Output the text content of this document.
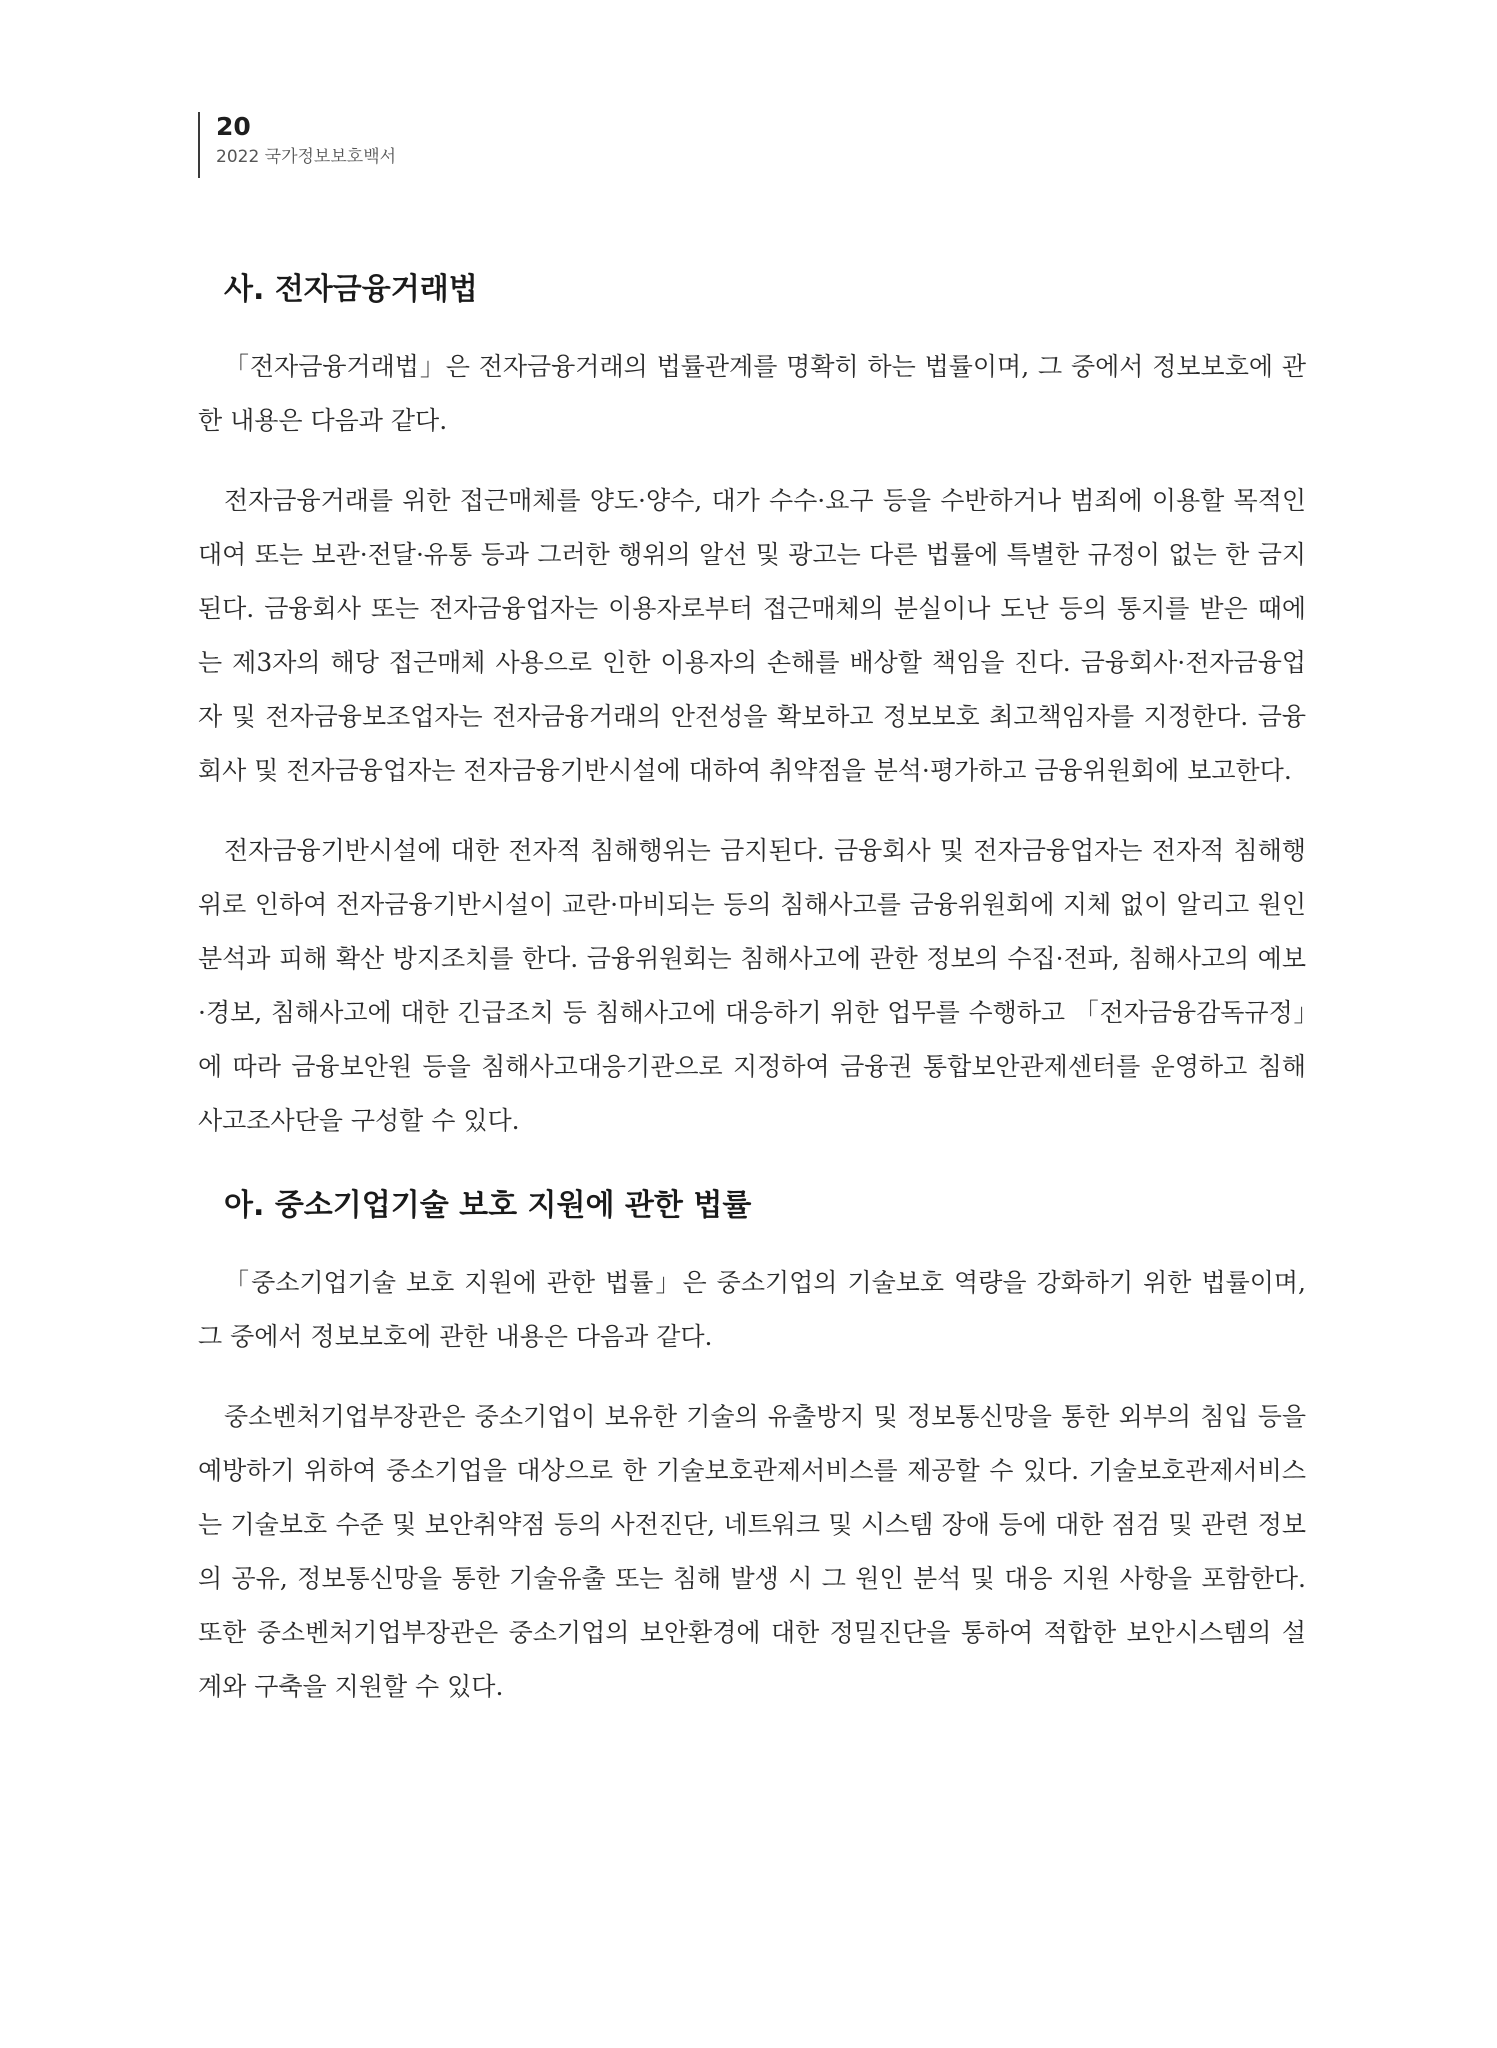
20
2022 국가정보보호백서
사. 전자금융거래법

「전자금융거래법」은 전자금융거래의 법률관계를 명확히 하는 법률이며, 그 중에서 정보보호에 관한 내용은 다음과 같다.

전자금융거래를 위한 접근매체를 양도·양수, 대가 수수·요구 등을 수반하거나 범죄에 이용할 목적인 대여 또는 보관·전달·유통 등과 그러한 행위의 알선 및 광고는 다른 법률에 특별한 규정이 없는 한 금지된다. 금융회사 또는 전자금융업자는 이용자로부터 접근매체의 분실이나 도난 등의 통지를 받은 때에는 제3자의 해당 접근매체 사용으로 인한 이용자의 손해를 배상할 책임을 진다. 금융회사·전자금융업자 및 전자금융보조업자는 전자금융거래의 안전성을 확보하고 정보보호 최고책임자를 지정한다. 금융회사 및 전자금융업자는 전자금융기반시설에 대하여 취약점을 분석·평가하고 금융위원회에 보고한다.

전자금융기반시설에 대한 전자적 침해행위는 금지된다. 금융회사 및 전자금융업자는 전자적 침해행위로 인하여 전자금융기반시설이 교란·마비되는 등의 침해사고를 금융위원회에 지체 없이 알리고 원인 분석과 피해 확산 방지조치를 한다. 금융위원회는 침해사고에 관한 정보의 수집·전파, 침해사고의 예보·경보, 침해사고에 대한 긴급조치 등 침해사고에 대응하기 위한 업무를 수행하고 「전자금융감독규정」에 따라 금융보안원 등을 침해사고대응기관으로 지정하여 금융권 통합보안관제센터를 운영하고 침해사고조사단을 구성할 수 있다.

아. 중소기업기술 보호 지원에 관한 법률

「중소기업기술 보호 지원에 관한 법률」은 중소기업의 기술보호 역량을 강화하기 위한 법률이며, 그 중에서 정보보호에 관한 내용은 다음과 같다.

중소벤처기업부장관은 중소기업이 보유한 기술의 유출방지 및 정보통신망을 통한 외부의 침입 등을 예방하기 위하여 중소기업을 대상으로 한 기술보호관제서비스를 제공할 수 있다. 기술보호관제서비스는 기술보호 수준 및 보안취약점 등의 사전진단, 네트워크 및 시스템 장애 등에 대한 점검 및 관련 정보의 공유, 정보통신망을 통한 기술유출 또는 침해 발생 시 그 원인 분석 및 대응 지원 사항을 포함한다. 또한 중소벤처기업부장관은 중소기업의 보안환경에 대한 정밀진단을 통하여 적합한 보안시스템의 설계와 구축을 지원할 수 있다.
